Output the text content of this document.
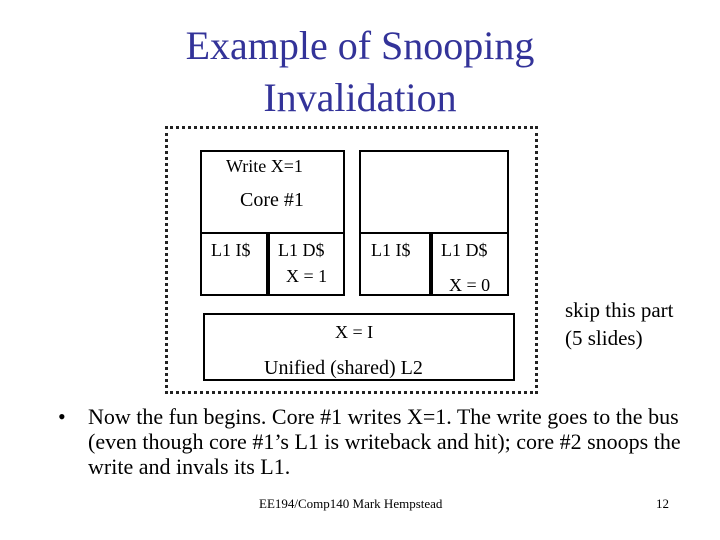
Example of Snooping
Invalidation
Write X=1
Core #1
L1 I$ L1 D$
X = 1
L1 I$ L1 D$
X = 0
X = I
Unified (shared) L2
skip this part
(5 slides)
• Now the fun begins. Core #1 writes X=1. The write goes to the bus (even though core #1’s L1 is writeback and hit); core #2 snoops the write and invals its L1.
EE194/Comp140 Mark Hempstead	12
